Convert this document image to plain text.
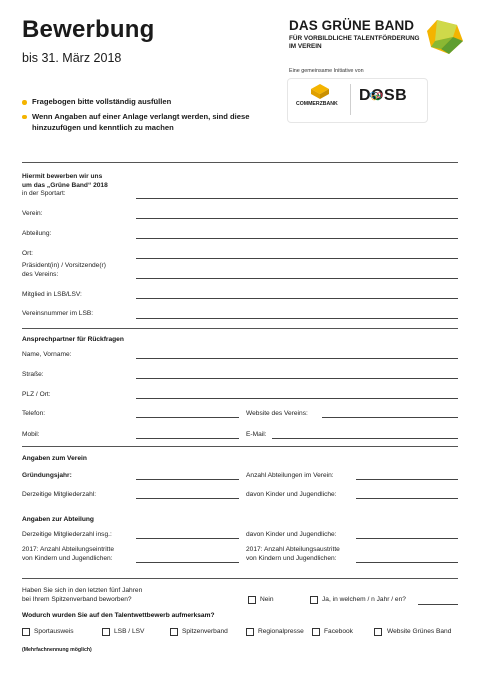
Bewerbung
bis 31. März 2018
DAS GRÜNE BAND
FÜR VORBILDLICHE TALENTFÖRDERUNG
IM VEREIN
Eine gemeinsame Initiative von
COMMERZBANK DOSB
Fragebogen bitte vollständig ausfüllen
Wenn Angaben auf einer Anlage verlangt werden, sind diese hinzuzufügen und kenntlich zu machen
Hiermit bewerben wir uns
um das „Grüne Band“ 2018
in der Sportart:
Verein:
Abteilung:
Ort:
Präsident(in) / Vorsitzende(r)
des Vereins:
Mitglied in LSB/LSV:
Vereinsnummer im LSB:
Ansprechpartner für Rückfragen
Name, Vorname:
Straße:
PLZ / Ort:
Telefon:	Website des Vereins:
Mobil:	E-Mail:
Angaben zum Verein
Gründungsjahr:	Anzahl Abteilungen im Verein:
Derzeitige Mitgliederzahl:	davon Kinder und Jugendliche:
Angaben zur Abteilung
Derzeitige Mitgliederzahl insg.:	davon Kinder und Jugendliche:
2017: Anzahl Abteilungseintritte
von Kindern und Jugendlichen:
2017: Anzahl Abteilungsaustritte
von Kindern und Jugendlichen:
Haben Sie sich in den letzten fünf Jahren
bei Ihrem Spitzenverband beworben?	Nein	Ja, in welchem / n Jahr / en?
Wodurch wurden Sie auf den Talentwettbewerb aufmerksam?
Sportausweis	LSB / LSV	Spitzenverband	Regionalpresse	Facebook	Website Grünes Band
(Mehrfachnennung möglich)
